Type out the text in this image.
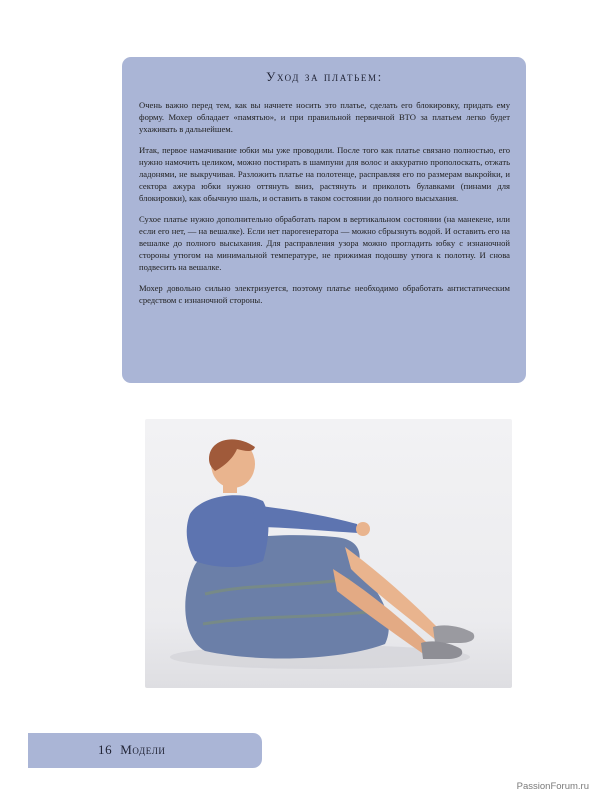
Уход за платьем:

Очень важно перед тем, как вы начнете носить это платье, сделать его блокировку, придать ему форму. Мохер обладает «памятью», и при правильной первичной ВТО за платьем легко будет ухаживать в дальнейшем.

Итак, первое намачивание юбки мы уже проводили. После того как платье связано полностью, его нужно намочить целиком, можно постирать в шампуни для волос и аккуратно прополоскать, отжать ладонями, не выкручивая. Разложить платье на полотенце, расправляя его по размерам выкройки, и сектора ажура юбки нужно оттянуть вниз, растянуть и приколоть булавками (пинами для блокировки), как обычную шаль, и оставить в таком состоянии до полного высыхания.

Сухое платье нужно дополнительно обработать паром в вертикальном состоянии (на манекене, или если его нет, — на вешалке). Если нет парогенератора — можно сбрызнуть водой. И оставить его на вешалке до полного высыхания. Для расправления узора можно прогладить юбку с изнаночной стороны утюгом на минимальной температуре, не прижимая подошву утюга к полотну. И снова подвесить на вешалке.

Мохер довольно сильно электризуется, поэтому платье необходимо обработать антистатическим средством с изнаночной стороны.

16 Модели
PassionForum.ru
